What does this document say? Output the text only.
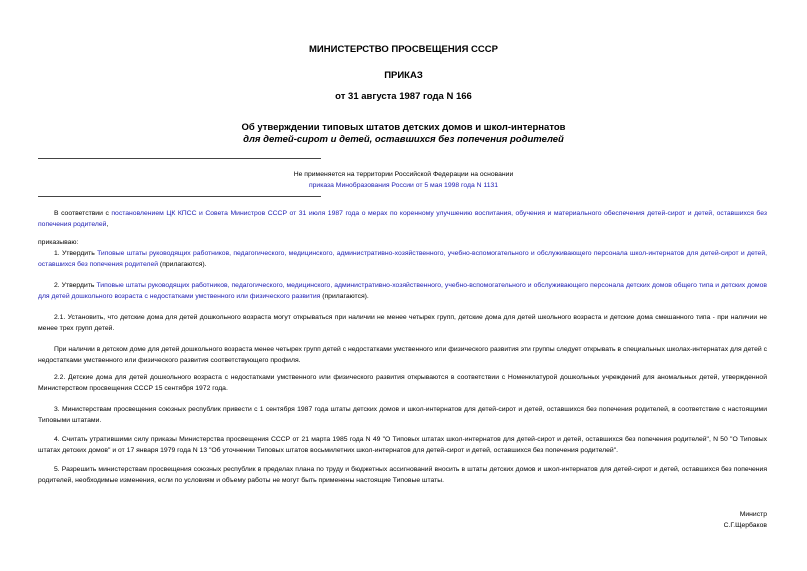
МИНИСТЕРСТВО ПРОСВЕЩЕНИЯ СССР
ПРИКАЗ
от 31 августа 1987 года N 166
Об утверждении типовых штатов детских домов и школ-интернатов
для детей-сирот и детей, оставшихся без попечения родителей
Не применяется на территории Российской Федерации на основании
приказа Минобразования России от 5 мая 1998 года N 1131
В соответствии с постановлением ЦК КПСС и Совета Министров СССР от 31 июля 1987 года о мерах по коренному улучшению воспитания, обучения и материального обеспечения детей-сирот и детей, оставшихся без попечения родителей,
приказываю:
1. Утвердить Типовые штаты руководящих работников, педагогического, медицинского, административно-хозяйственного, учебно-вспомогательного и обслуживающего персонала школ-интернатов для детей-сирот и детей, оставшихся без попечения родителей (прилагаются).
2. Утвердить Типовые штаты руководящих работников, педагогического, медицинского, административно-хозяйственного, учебно-вспомогательного и обслуживающего персонала детских домов общего типа и детских домов для детей дошкольного возраста с недостатками умственного или физического развития (прилагаются).
2.1. Установить, что детские дома для детей дошкольного возраста могут открываться при наличии не менее четырех групп, детские дома для детей школьного возраста и детские дома смешанного типа - при наличии не менее трех групп детей.
При наличии в детском доме для детей дошкольного возраста менее четырех групп детей с недостатками умственного или физического развития эти группы следует открывать в специальных школах-интернатах для детей с недостатками умственного или физического развития соответствующего профиля.
2.2. Детские дома для детей дошкольного возраста с недостатками умственного или физического развития открываются в соответствии с Номенклатурой дошкольных учреждений для аномальных детей, утвержденной Министерством просвещения СССР 15 сентября 1972 года.
3. Министерствам просвещения союзных республик привести с 1 сентября 1987 года штаты детских домов и школ-интернатов для детей-сирот и детей, оставшихся без попечения родителей, в соответствие с настоящими Типовыми штатами.
4. Считать утратившими силу приказы Министерства просвещения СССР от 21 марта 1985 года N 49 "О Типовых штатах школ-интернатов для детей-сирот и детей, оставшихся без попечения родителей", N 50 "О Типовых штатах детских домов" и от 17 января 1979 года N 13 "Об уточнении Типовых штатов восьмилетних школ-интернатов для детей-сирот и детей, оставшихся без попечения родителей".
5. Разрешить министерствам просвещения союзных республик в пределах плана по труду и бюджетных ассигнований вносить в штаты детских домов и школ-интернатов для детей-сирот и детей, оставшихся без попечения родителей, необходимые изменения, если по условиям и объему работы не могут быть применены настоящие Типовые штаты.
Министр
С.Г.Щербаков
